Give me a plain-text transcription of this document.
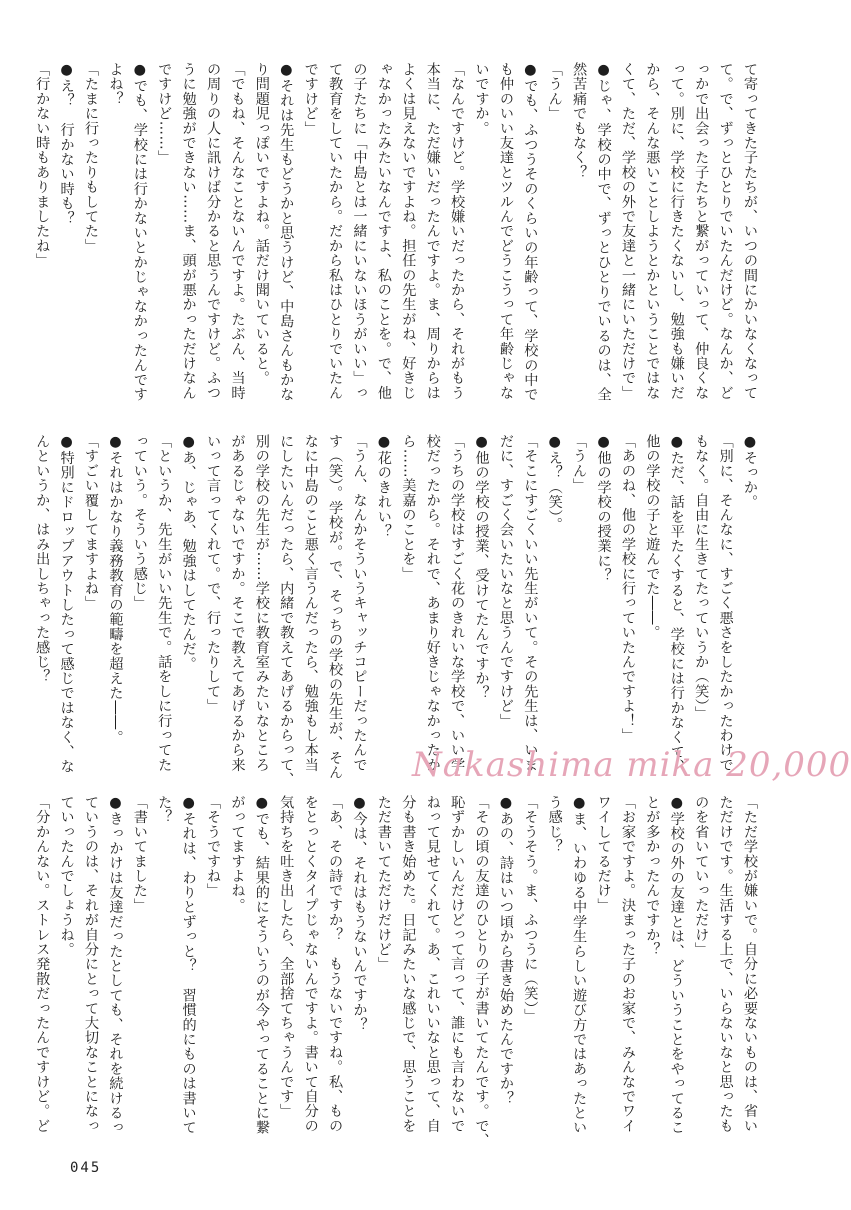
て寄ってきた子たちが、いつの間にかいなくなって

て。で、ずっとひとりでいたんだけど。なんか、ど

っかで出会った子たちと繋がっていって、仲良くな

って。別に、学校に行きたくないし、勉強も嫌いだ

から、そんな悪いことしようとかということではな

くて、ただ、学校の外で友達と一緒にいただけで」

●じゃ、学校の中で、ずっとひとりでいるのは、全

然苦痛でもなく？

「うん」

●でも、ふつうそのくらいの年齢って、学校の中で

も仲のいい友達とツルんでどうこうって年齢じゃな

いですか。

「なんですけど。学校嫌いだったから、それがもう

本当に、ただ嫌いだったんですよ。ま、周りからは

よくは見えないですよね。担任の先生がね、好きじ

ゃなかったみたいなんですよ、私のことを。で、他

の子たちに「中島とは一緒にいないほうがいい」っ

て教育をしていたから。だから私はひとりでいたん

ですけど」

●それは先生もどうかと思うけど、中島さんもかな

り問題児っぽいですよね。話だけ聞いていると。

「でもね、そんなことないんですよ。たぶん、当時

の周りの人に訊けば分かると思うんですけど。ふつ

うに勉強ができない……ま、頭が悪かっただけなん

ですけど……」

●でも、学校には行かないとかじゃなかったんです

よね？

「たまに行ったりもしてた」

●え？　行かない時も？

「行かない時もありましたね」

●そっか。

「別に、そんなに、すごく悪さをしたかったわけで

もなく。自由に生きてたっていうか（笑）」

●ただ、話を平たくすると、学校には行かなくて、

他の学校の子と遊んでた――。

「あのね、他の学校に行っていたんですよ！」

●他の学校の授業に？

「うん」

●え？（笑）。

「そこにすごくいい先生がいて。その先生は、いま

だに、すごく会いたいなと思うんですけど」

●他の学校の授業、受けてたんですか？

「うちの学校はすごく花のきれいな学校で、いい学

校だったから。それで、あまり好きじゃなかったか

ら……美嘉のことを」

●花のきれい？

「うん、なんかそういうキャッチコピーだったんで

す（笑）。学校が。で、そっちの学校の先生が、そん

なに中島のこと悪く言うんだったら、勉強もし本当

にしたいんだったら、内緒で教えてあげるからって、

別の学校の先生が……学校に教育室みたいなところ

があるじゃないですか。そこで教えてあげるから来

いって言ってくれて。で、行ったりして」

●あ、じゃあ、勉強はしてたんだ。

「というか、先生がいい先生で。話をしに行ってた

っていう。そういう感じ」

●それはかなり義務教育の範疇を超えた――。

「すごい覆してますよね」

●特別にドロップアウトしたって感じではなく、な

んというか、はみ出しちゃった感じ？

Nakashima mika 20,000

「ただ学校が嫌いで。自分に必要ないものは、省い

ただけです。生活する上で、いらないなと思ったも

のを省いていっただけ」

●学校の外の友達とは、どういうことをやってるこ

とが多かったんですか？

「お家ですよ。決まった子のお家で、みんなでワイ

ワイしてるだけ」

●ま、いわゆる中学生らしい遊び方ではあったとい

う感じ？

「そうそう。ま、ふつうに（笑）」

●あの、詩はいつ頃から書き始めたんですか？

「その頃の友達のひとりの子が書いてたんです。で、

恥ずかしいんだけどって言って、誰にも言わないで

ねって見せてくれて。あ、これいいなと思って、自

分も書き始めた。日記みたいな感じで、思うことを

ただ書いてただけだけど」

●今は、それはもうないんですか？

「あ、その詩ですか？　もうないですね。私、もの

をとっとくタイプじゃないんですよ。書いて自分の

気持ちを吐き出したら、全部捨てちゃうんです」

●でも、結果的にそういうのが今やってることに繋

がってますよね。

「そうですね」

●それは、わりとずっと？　習慣的にものは書いて

た？

「書いてました」

●きっかけは友達だったとしても、それを続けるっ

ていうのは、それが自分にとって大切なことになっ

ていったんでしょうね。

「分かんない。ストレス発散だったんですけど。ど

045
